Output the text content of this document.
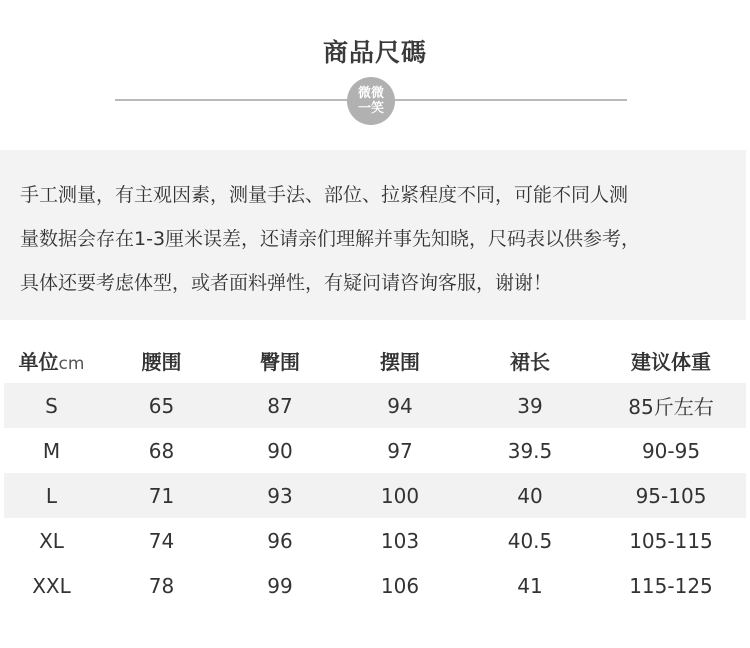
商品尺碼
微微
一笑
手工测量，有主观因素，测量手法、部位、拉紧程度不同，可能不同人测
量数据会存在1-3厘米误差，还请亲们理解并事先知晓，尺码表以供参考，
具体还要考虑体型，或者面料弹性，有疑问请咨询客服，谢谢！
单位cm	腰围	臀围	摆围	裙长	建议体重
S	65	87	94	39	85斤左右
M	68	90	97	39.5	90-95
L	71	93	100	40	95-105
XL	74	96	103	40.5	105-115
XXL	78	99	106	41	115-125
